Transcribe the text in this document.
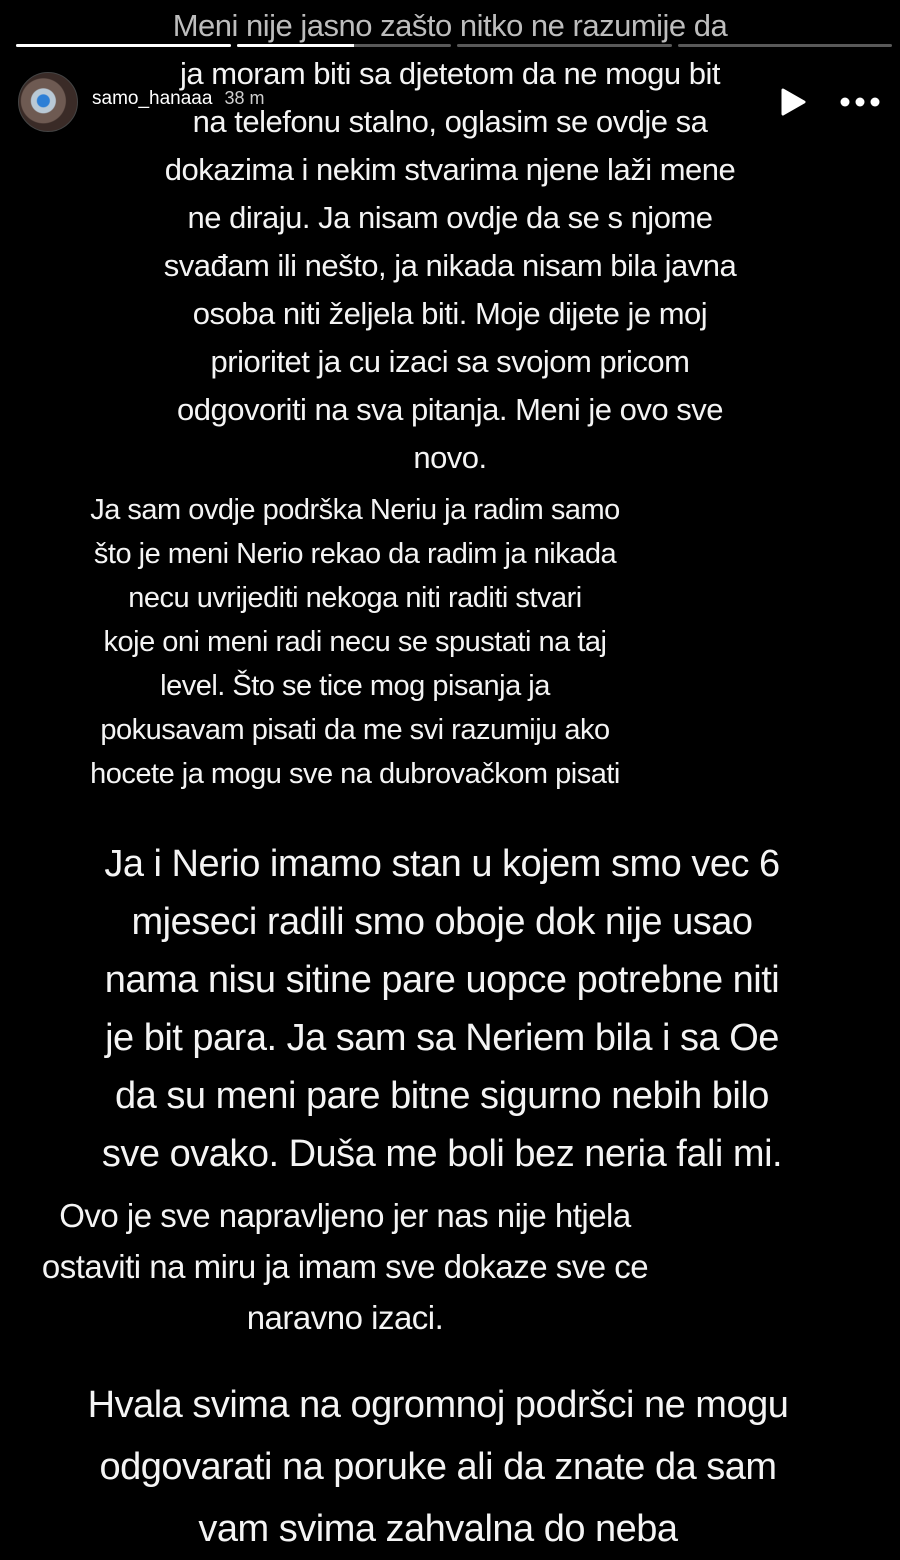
Meni nije jasno zašto nitko ne razumije da

ja moram biti sa djetetom da ne mogu bit

na telefonu stalno, oglasim se ovdje sa

dokazima i nekim stvarima njene laži mene

ne diraju. Ja nisam ovdje da se s njome

svađam ili nešto, ja nikada nisam bila javna

osoba niti željela biti. Moje dijete je moj

prioritet ja cu izaci sa svojom pricom

odgovoriti na sva pitanja. Meni je ovo sve

novo.

Ja sam ovdje podrška Neriu ja radim samo

što je meni Nerio rekao da radim ja nikada

necu uvrijediti nekoga niti raditi stvari

koje oni meni radi necu se spustati na taj

level. Što se tice mog pisanja ja

pokusavam pisati da me svi razumiju ako

hocete ja mogu sve na dubrovačkom pisati

Ja i Nerio imamo stan u kojem smo vec 6

mjeseci radili smo oboje dok nije usao

nama nisu sitine pare uopce potrebne niti

je bit para. Ja sam sa Neriem bila i sa Oe

da su meni pare bitne sigurno nebih bilo

sve ovako. Duša me boli bez neria fali mi.

Ovo je sve napravljeno jer nas nije htjela

ostaviti na miru ja imam sve dokaze sve ce

naravno izaci.

Hvala svima na ogromnoj podršci ne mogu

odgovarati na poruke ali da znate da sam

vam svima zahvalna do neba

samo_hanaaa 38 m
